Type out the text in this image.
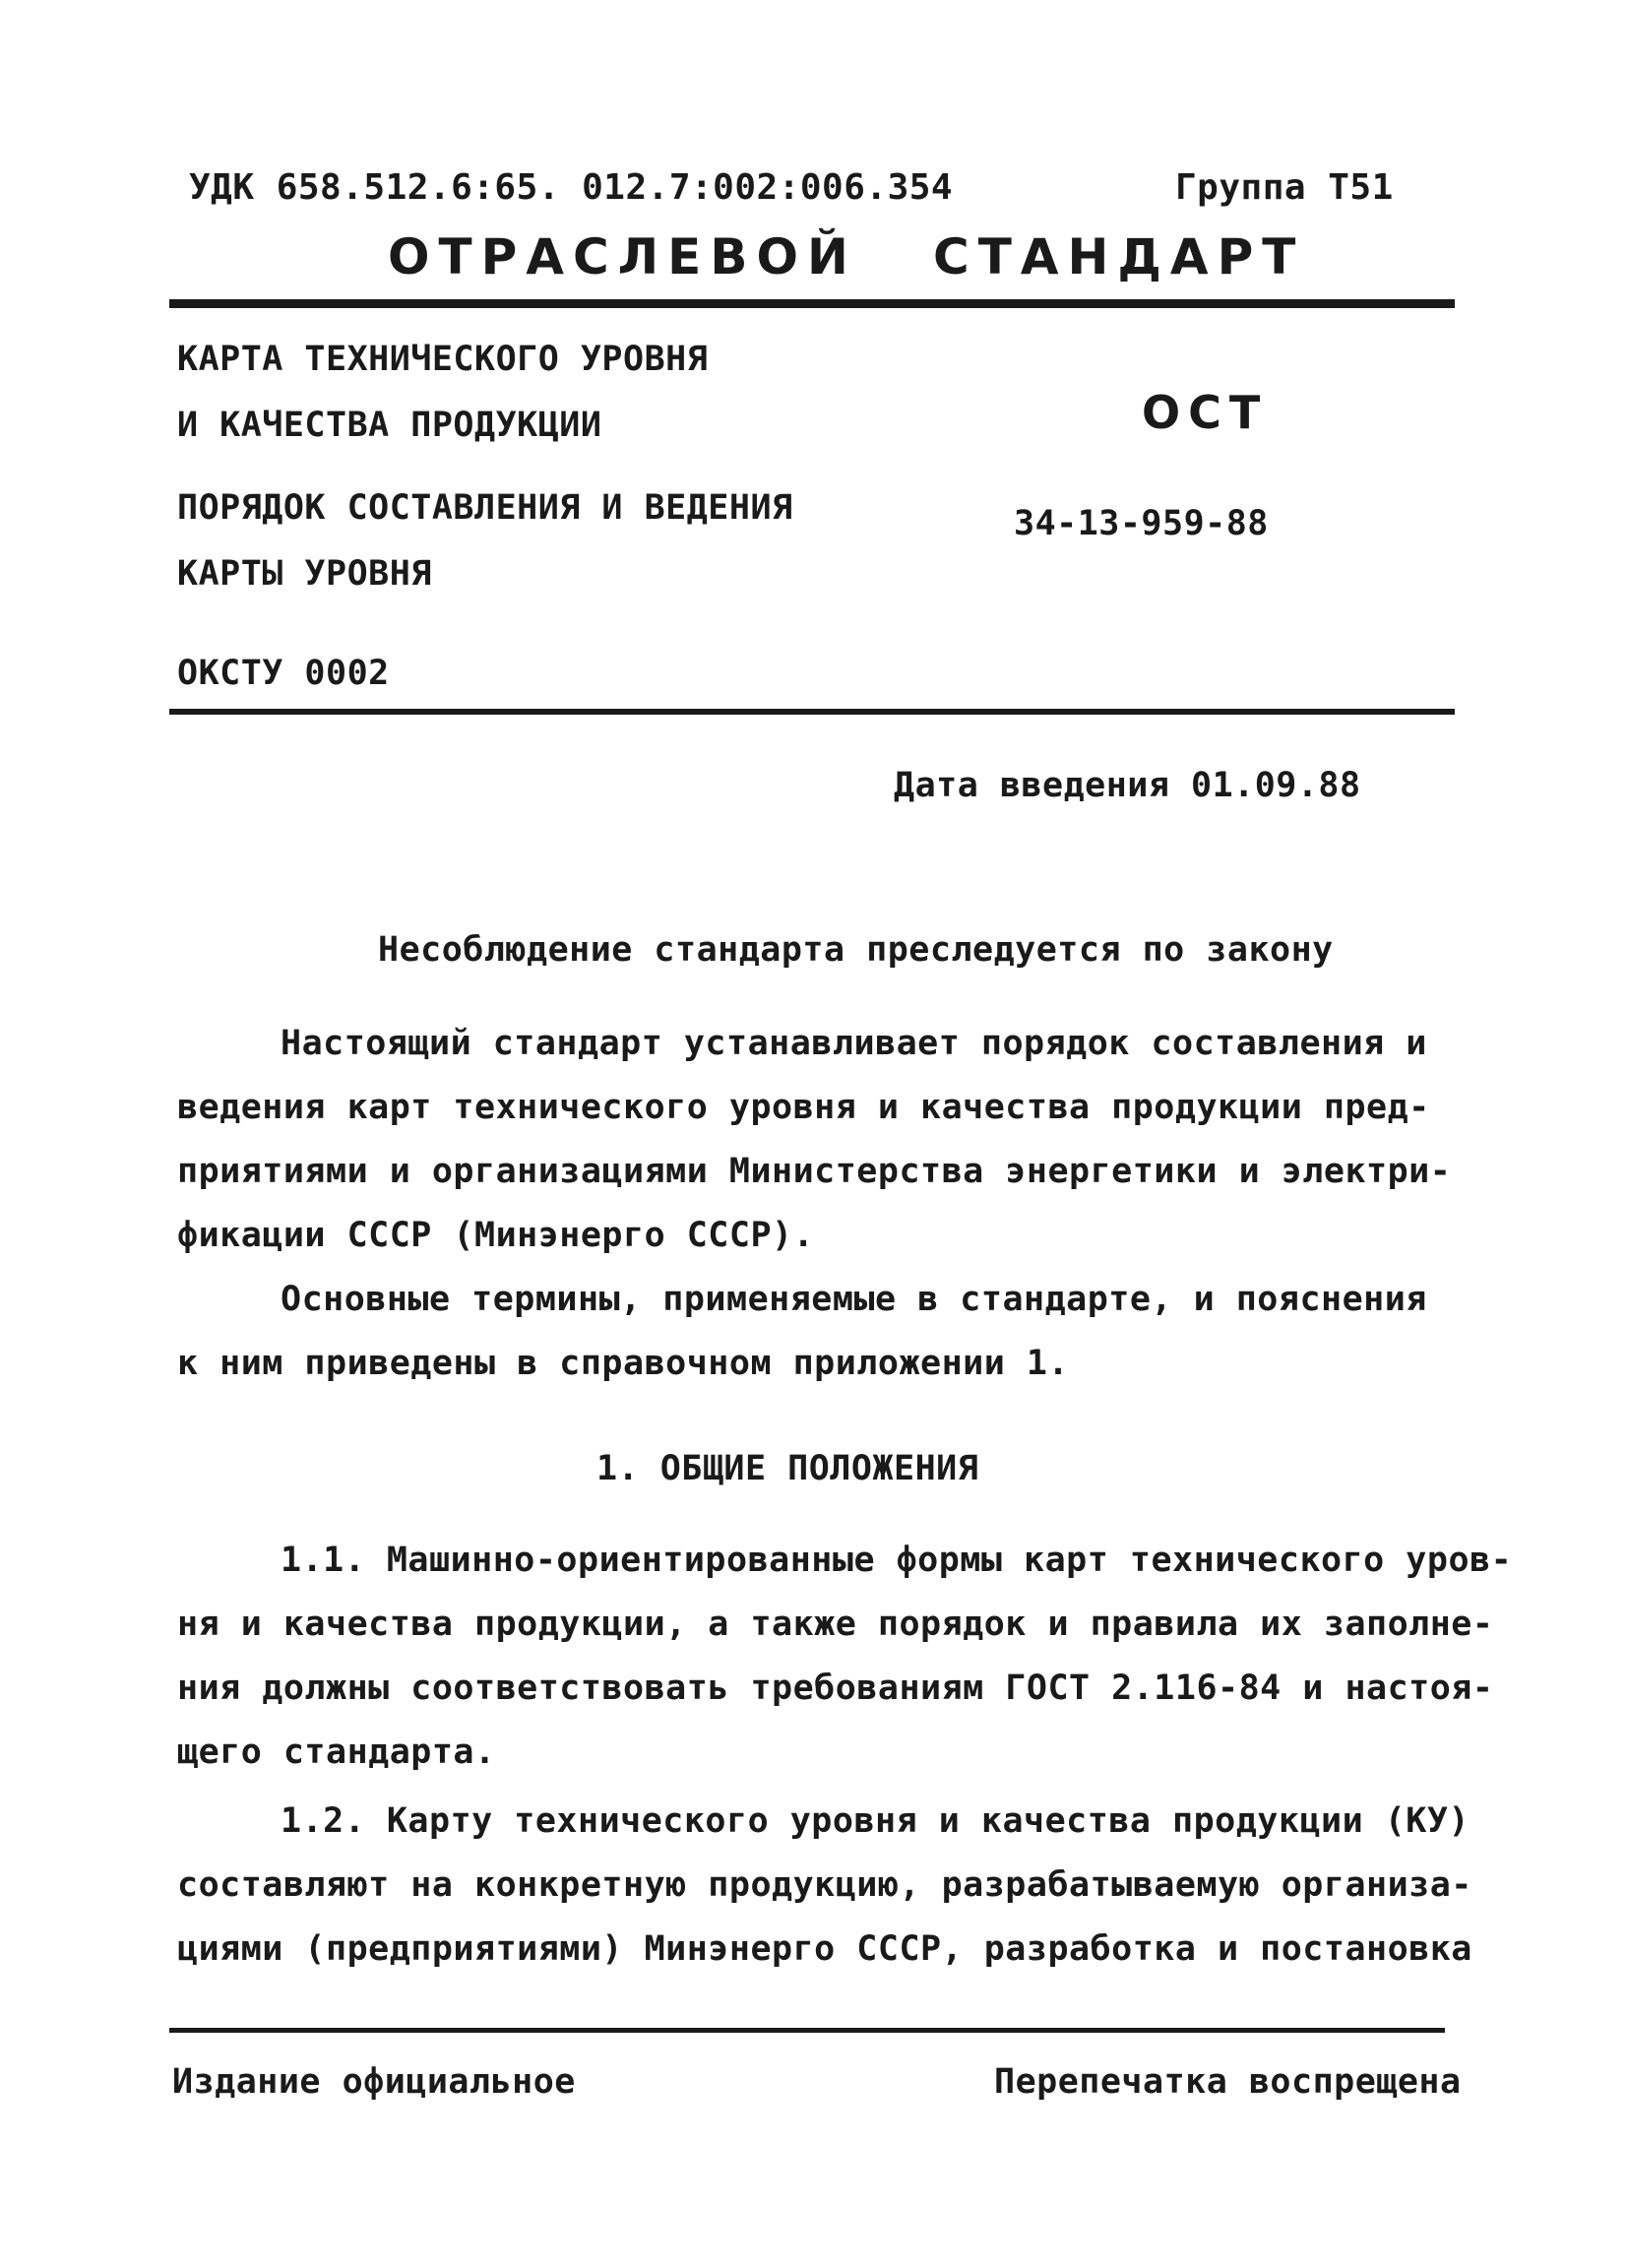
УДК 658.512.6:65. 012.7:002:006.354	Группа Т51
ОТРАСЛЕВОЙ СТАНДАРТ
КАРТА ТЕХНИЧЕСКОГО УРОВНЯ
И КАЧЕСТВА ПРОДУКЦИИ	ОСТ
ПОРЯДОК СОСТАВЛЕНИЯ И ВЕДЕНИЯ
КАРТЫ УРОВНЯ
34-13-959-88
ОКСТУ 0002
Дата введения 01.09.88
Несоблюдение стандарта преследуется по закону
Настоящий стандарт устанавливает порядок составления и
ведения карт технического уровня и качества продукции пред-
приятиями и организациями Министерства энергетики и электри-
фикации СССР (Минэнерго СССР).
Основные термины, применяемые в стандарте, и пояснения
к ним приведены в справочном приложении 1.
1. ОБЩИЕ ПОЛОЖЕНИЯ
1.1. Машинно-ориентированные формы карт технического уров-
ня и качества продукции, а также порядок и правила их заполне-
ния должны соответствовать требованиям ГОСТ 2.116-84 и настоя-
щего стандарта.
1.2. Карту технического уровня и качества продукции (КУ)
составляют на конкретную продукцию, разрабатываемую организа-
циями (предприятиями) Минэнерго СССР, разработка и постановка
Издание официальное	Перепечатка воспрещена
